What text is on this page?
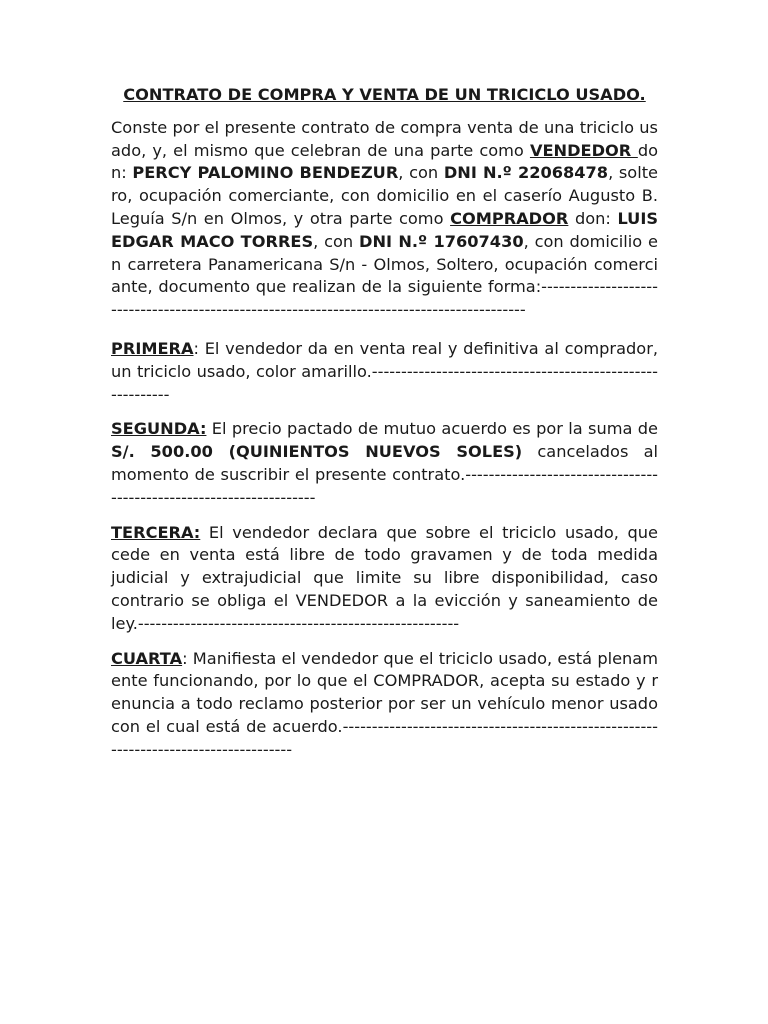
CONTRATO DE COMPRA Y VENTA DE UN TRICICLO USADO.

Conste por el presente contrato de compra venta de una triciclo usado, y, el mismo que celebran de una parte como VENDEDOR don: PERCY PALOMINO BENDEZUR, con DNI N.º 22068478, soltero, ocupación comerciante, con domicilio en el caserío Augusto B. Leguía S/n en Olmos, y otra parte como COMPRADOR don: LUIS EDGAR MACO TORRES, con DNI N.º 17607430, con domicilio en carretera Panamericana S/n - Olmos, Soltero, ocupación comerciante, documento que realizan de la siguiente forma:-------------------------------------------------------------------------------------------

PRIMERA: El vendedor da en venta real y definitiva al comprador, un triciclo usado, color amarillo.-----------------------------------------------------------

SEGUNDA: El precio pactado de mutuo acuerdo es por la suma de S/. 500.00 (QUINIENTOS NUEVOS SOLES) cancelados al momento de suscribir el presente contrato.--------------------------------------------------------------------

TERCERA: El vendedor declara que sobre el triciclo usado, que cede en venta está libre de todo gravamen y de toda medida judicial y extrajudicial que limite su libre disponibilidad, caso contrario se obliga el VENDEDOR a la evicción y saneamiento de ley.-------------------------------------------------------

CUARTA: Manifiesta el vendedor que el triciclo usado, está plenamente funcionando, por lo que el COMPRADOR, acepta su estado y renuncia a todo reclamo posterior por ser un vehículo menor usado con el cual está de acuerdo.-------------------------------------------------------------------------------------
